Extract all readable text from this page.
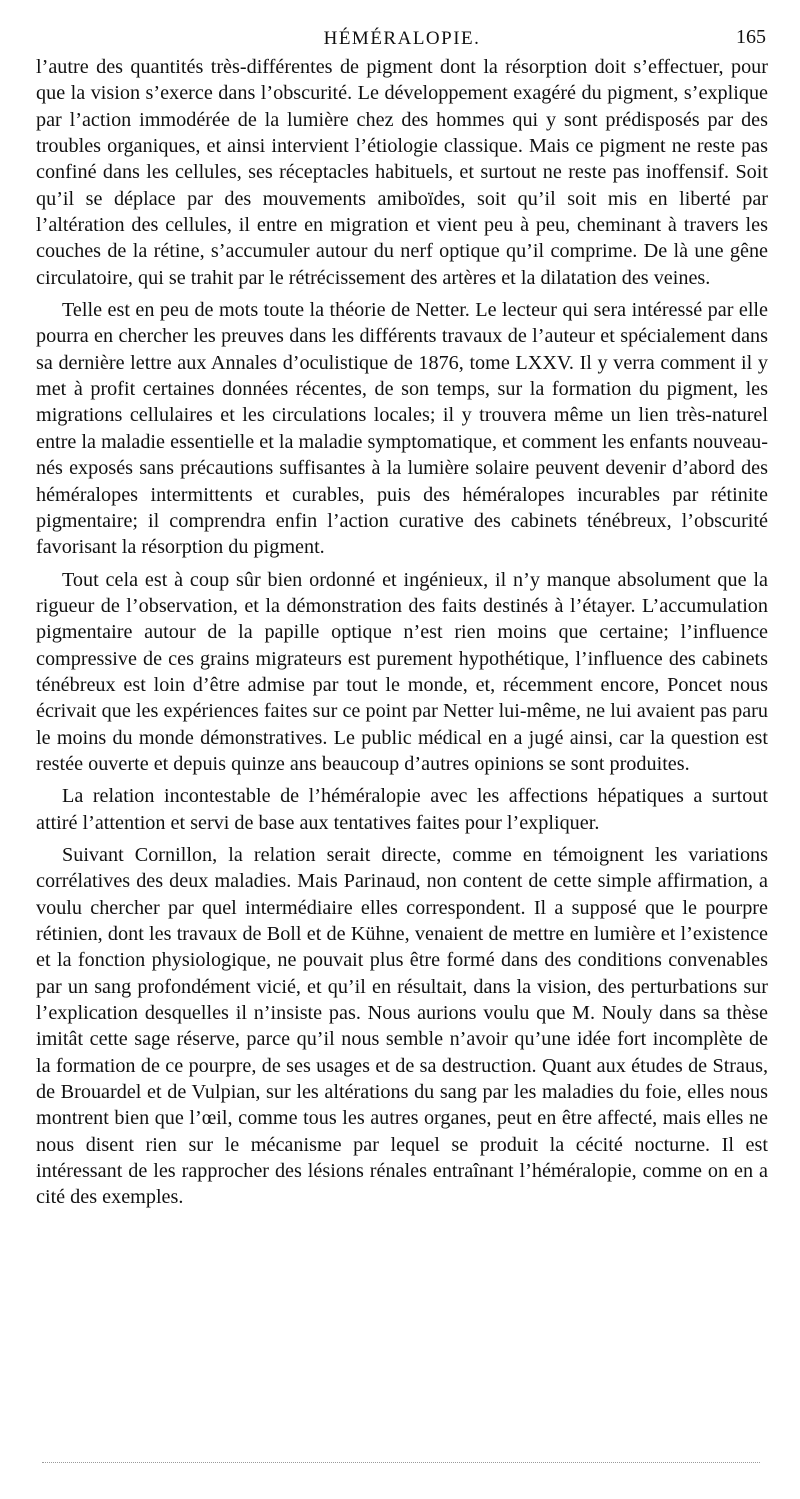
HÉMÉRALOPIE.	165

l’autre des quantités très-différentes de pigment dont la résorption doit s’effectuer, pour que la vision s’exerce dans l’obscurité. Le développement exagéré du pigment, s’explique par l’action immodérée de la lumière chez des hommes qui y sont prédisposés par des troubles organiques, et ainsi intervient l’étiologie classique. Mais ce pigment ne reste pas confiné dans les cellules, ses réceptacles habituels, et surtout ne reste pas inoffensif. Soit qu’il se déplace par des mouvements amiboïdes, soit qu’il soit mis en liberté par l’altération des cellules, il entre en migration et vient peu à peu, cheminant à travers les couches de la rétine, s’accumuler autour du nerf optique qu’il comprime. De là une gêne circulatoire, qui se trahit par le rétrécissement des artères et la dilatation des veines.

Telle est en peu de mots toute la théorie de Netter. Le lecteur qui sera intéressé par elle pourra en chercher les preuves dans les différents travaux de l’auteur et spécialement dans sa dernière lettre aux Annales d’oculistique de 1876, tome LXXV. Il y verra comment il y met à profit certaines données récentes, de son temps, sur la formation du pigment, les migrations cellulaires et les circulations locales; il y trouvera même un lien très-naturel entre la maladie essentielle et la maladie symptomatique, et comment les enfants nouveau-nés exposés sans précautions suffisantes à la lumière solaire peuvent devenir d’abord des héméralopes intermittents et curables, puis des héméralopes incurables par rétinite pigmentaire; il comprendra enfin l’action curative des cabinets ténébreux, l’obscurité favorisant la résorption du pigment.

Tout cela est à coup sûr bien ordonné et ingénieux, il n’y manque absolument que la rigueur de l’observation, et la démonstration des faits destinés à l’étayer. L’accumulation pigmentaire autour de la papille optique n’est rien moins que certaine; l’influence compressive de ces grains migrateurs est purement hypothétique, l’influence des cabinets ténébreux est loin d’être admise par tout le monde, et, récemment encore, Poncet nous écrivait que les expériences faites sur ce point par Netter lui-même, ne lui avaient pas paru le moins du monde démonstratives. Le public médical en a jugé ainsi, car la question est restée ouverte et depuis quinze ans beaucoup d’autres opinions se sont produites.

La relation incontestable de l’héméralopie avec les affections hépatiques a surtout attiré l’attention et servi de base aux tentatives faites pour l’expliquer.

Suivant Cornillon, la relation serait directe, comme en témoignent les variations corrélatives des deux maladies. Mais Parinaud, non content de cette simple affirmation, a voulu chercher par quel intermédiaire elles correspondent. Il a supposé que le pourpre rétinien, dont les travaux de Boll et de Kühne, venaient de mettre en lumière et l’existence et la fonction physiologique, ne pouvait plus être formé dans des conditions convenables par un sang profondément vicié, et qu’il en résultait, dans la vision, des perturbations sur l’explication desquelles il n’insiste pas. Nous aurions voulu que M. Nouly dans sa thèse imitât cette sage réserve, parce qu’il nous semble n’avoir qu’une idée fort incomplète de la formation de ce pourpre, de ses usages et de sa destruction. Quant aux études de Straus, de Brouardel et de Vulpian, sur les altérations du sang par les maladies du foie, elles nous montrent bien que l’œil, comme tous les autres organes, peut en être affecté, mais elles ne nous disent rien sur le mécanisme par lequel se produit la cécité nocturne. Il est intéressant de les rapprocher des lésions rénales entraînant l’héméralopie, comme on en a cité des exemples.
